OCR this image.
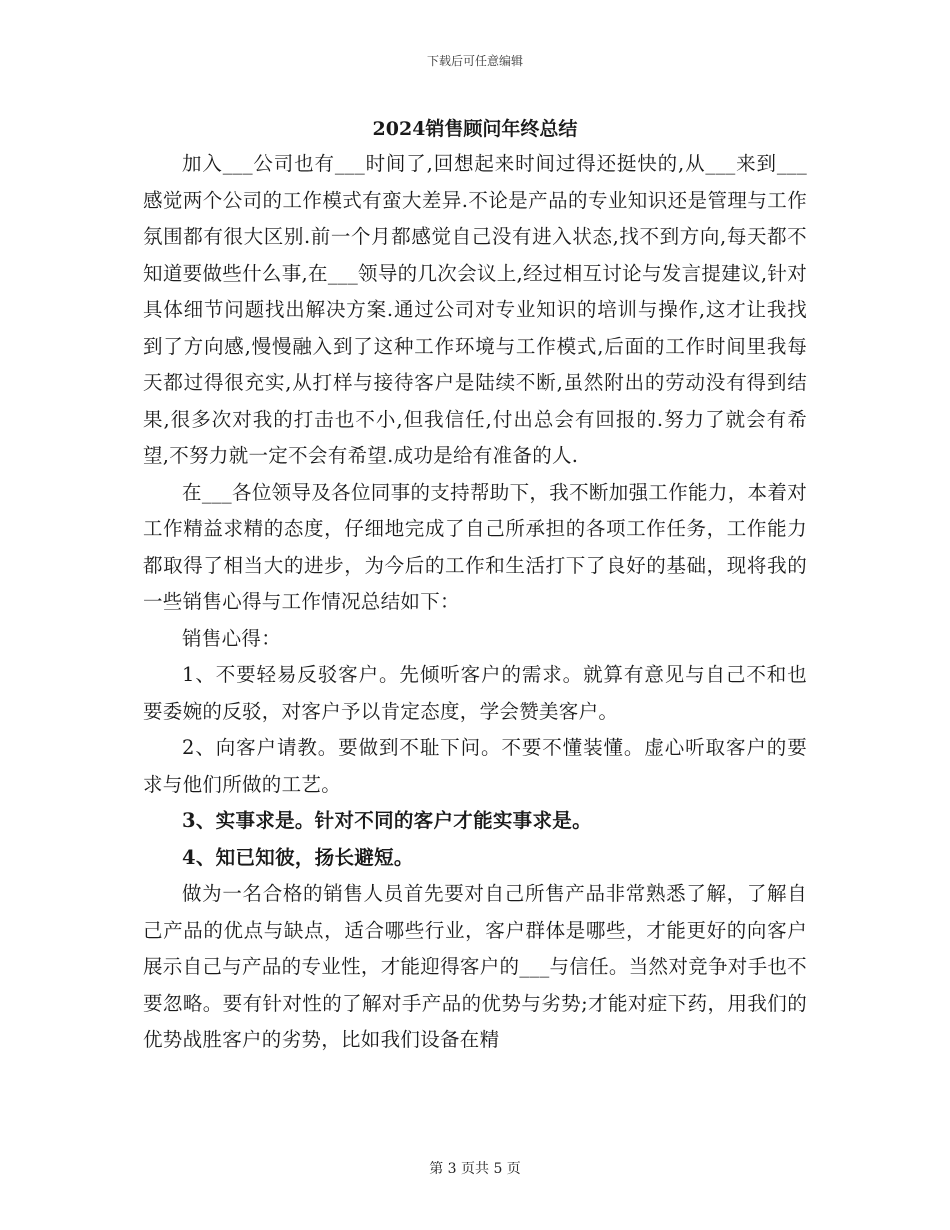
下载后可任意编辑
2024销售顾问年终总结

加入___公司也有___时间了,回想起来时间过得还挺快的,从___来到___感觉两个公司的工作模式有蛮大差异.不论是产品的专业知识还是管理与工作氛围都有很大区别.前一个月都感觉自己没有进入状态,找不到方向,每天都不知道要做些什么事,在___领导的几次会议上,经过相互讨论与发言提建议,针对具体细节问题找出解决方案.通过公司对专业知识的培训与操作,这才让我找到了方向感,慢慢融入到了这种工作环境与工作模式,后面的工作时间里我每天都过得很充实,从打样与接待客户是陆续不断,虽然附出的劳动没有得到结果,很多次对我的打击也不小,但我信任,付出总会有回报的.努力了就会有希望,不努力就一定不会有希望.成功是给有准备的人.

在___各位领导及各位同事的支持帮助下，我不断加强工作能力，本着对工作精益求精的态度，仔细地完成了自己所承担的各项工作任务，工作能力都取得了相当大的进步，为今后的工作和生活打下了良好的基础，现将我的一些销售心得与工作情况总结如下：

销售心得：

1、不要轻易反驳客户。先倾听客户的需求。就算有意见与自己不和也要委婉的反驳，对客户予以肯定态度，学会赞美客户。

2、向客户请教。要做到不耻下问。不要不懂装懂。虚心听取客户的要求与他们所做的工艺。

3、实事求是。针对不同的客户才能实事求是。

4、知已知彼，扬长避短。

做为一名合格的销售人员首先要对自己所售产品非常熟悉了解，了解自己产品的优点与缺点，适合哪些行业，客户群体是哪些，才能更好的向客户展示自己与产品的专业性，才能迎得客户的___与信任。当然对竞争对手也不要忽略。要有针对性的了解对手产品的优势与劣势;才能对症下药，用我们的优势战胜客户的劣势，比如我们设备在精

第 3 页共 5 页
